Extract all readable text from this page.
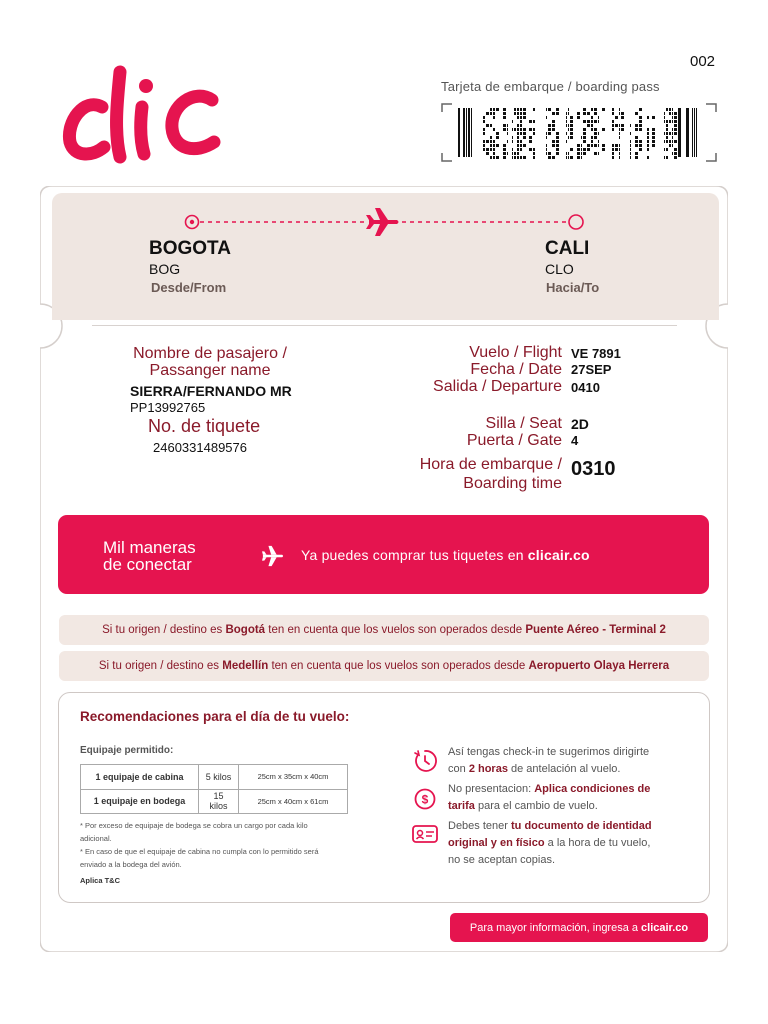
002
Tarjeta de embarque / boarding pass
BOGOTA
BOG
Desde/From
CALI
CLO
Hacia/To
Nombre de pasajero /
Passanger name
SIERRA/FERNANDO MR
PP13992765
No. de tiquete
2460331489576
Vuelo / Flight VE 7891
Fecha / Date 27SEP
Salida / Departure 0410
Silla / Seat 2D
Puerta / Gate 4
Hora de embarque /
Boarding time
0310
Mil maneras
de conectar	Ya puedes comprar tus tiquetes en clicair.co
Si tu origen / destino es
Bogotá
ten en cuenta que los vuelos son operados desde
Puente Aéreo - Terminal 2
Si tu origen / destino es
Medellín
ten en cuenta que los vuelos son operados desde
Aeropuerto Olaya Herrera
Recomendaciones para el día de tu vuelo:
Equipaje permitido:
1 equipaje de cabina	5 kilos	25cm x 35cm x 40cm
1 equipaje en bodega	15 kilos	25cm x 40cm x 61cm
* Por exceso de equipaje de bodega se cobra un cargo por cada kilo
adicional.
* En caso de que el equipaje de cabina no cumpla con lo permitido será
enviado a la bodega del avión.
Aplica T&C
Así tengas check-in te sugerimos dirigirte
con 2 horas de antelación al vuelo.
$
No presentacion: Aplica condiciones de
tarifa para el cambio de vuelo.
Debes tener tu documento de identidad
original y en físico a la hora de tu vuelo,
no se aceptan copias.
Para mayor información, ingresa a clicair.co
